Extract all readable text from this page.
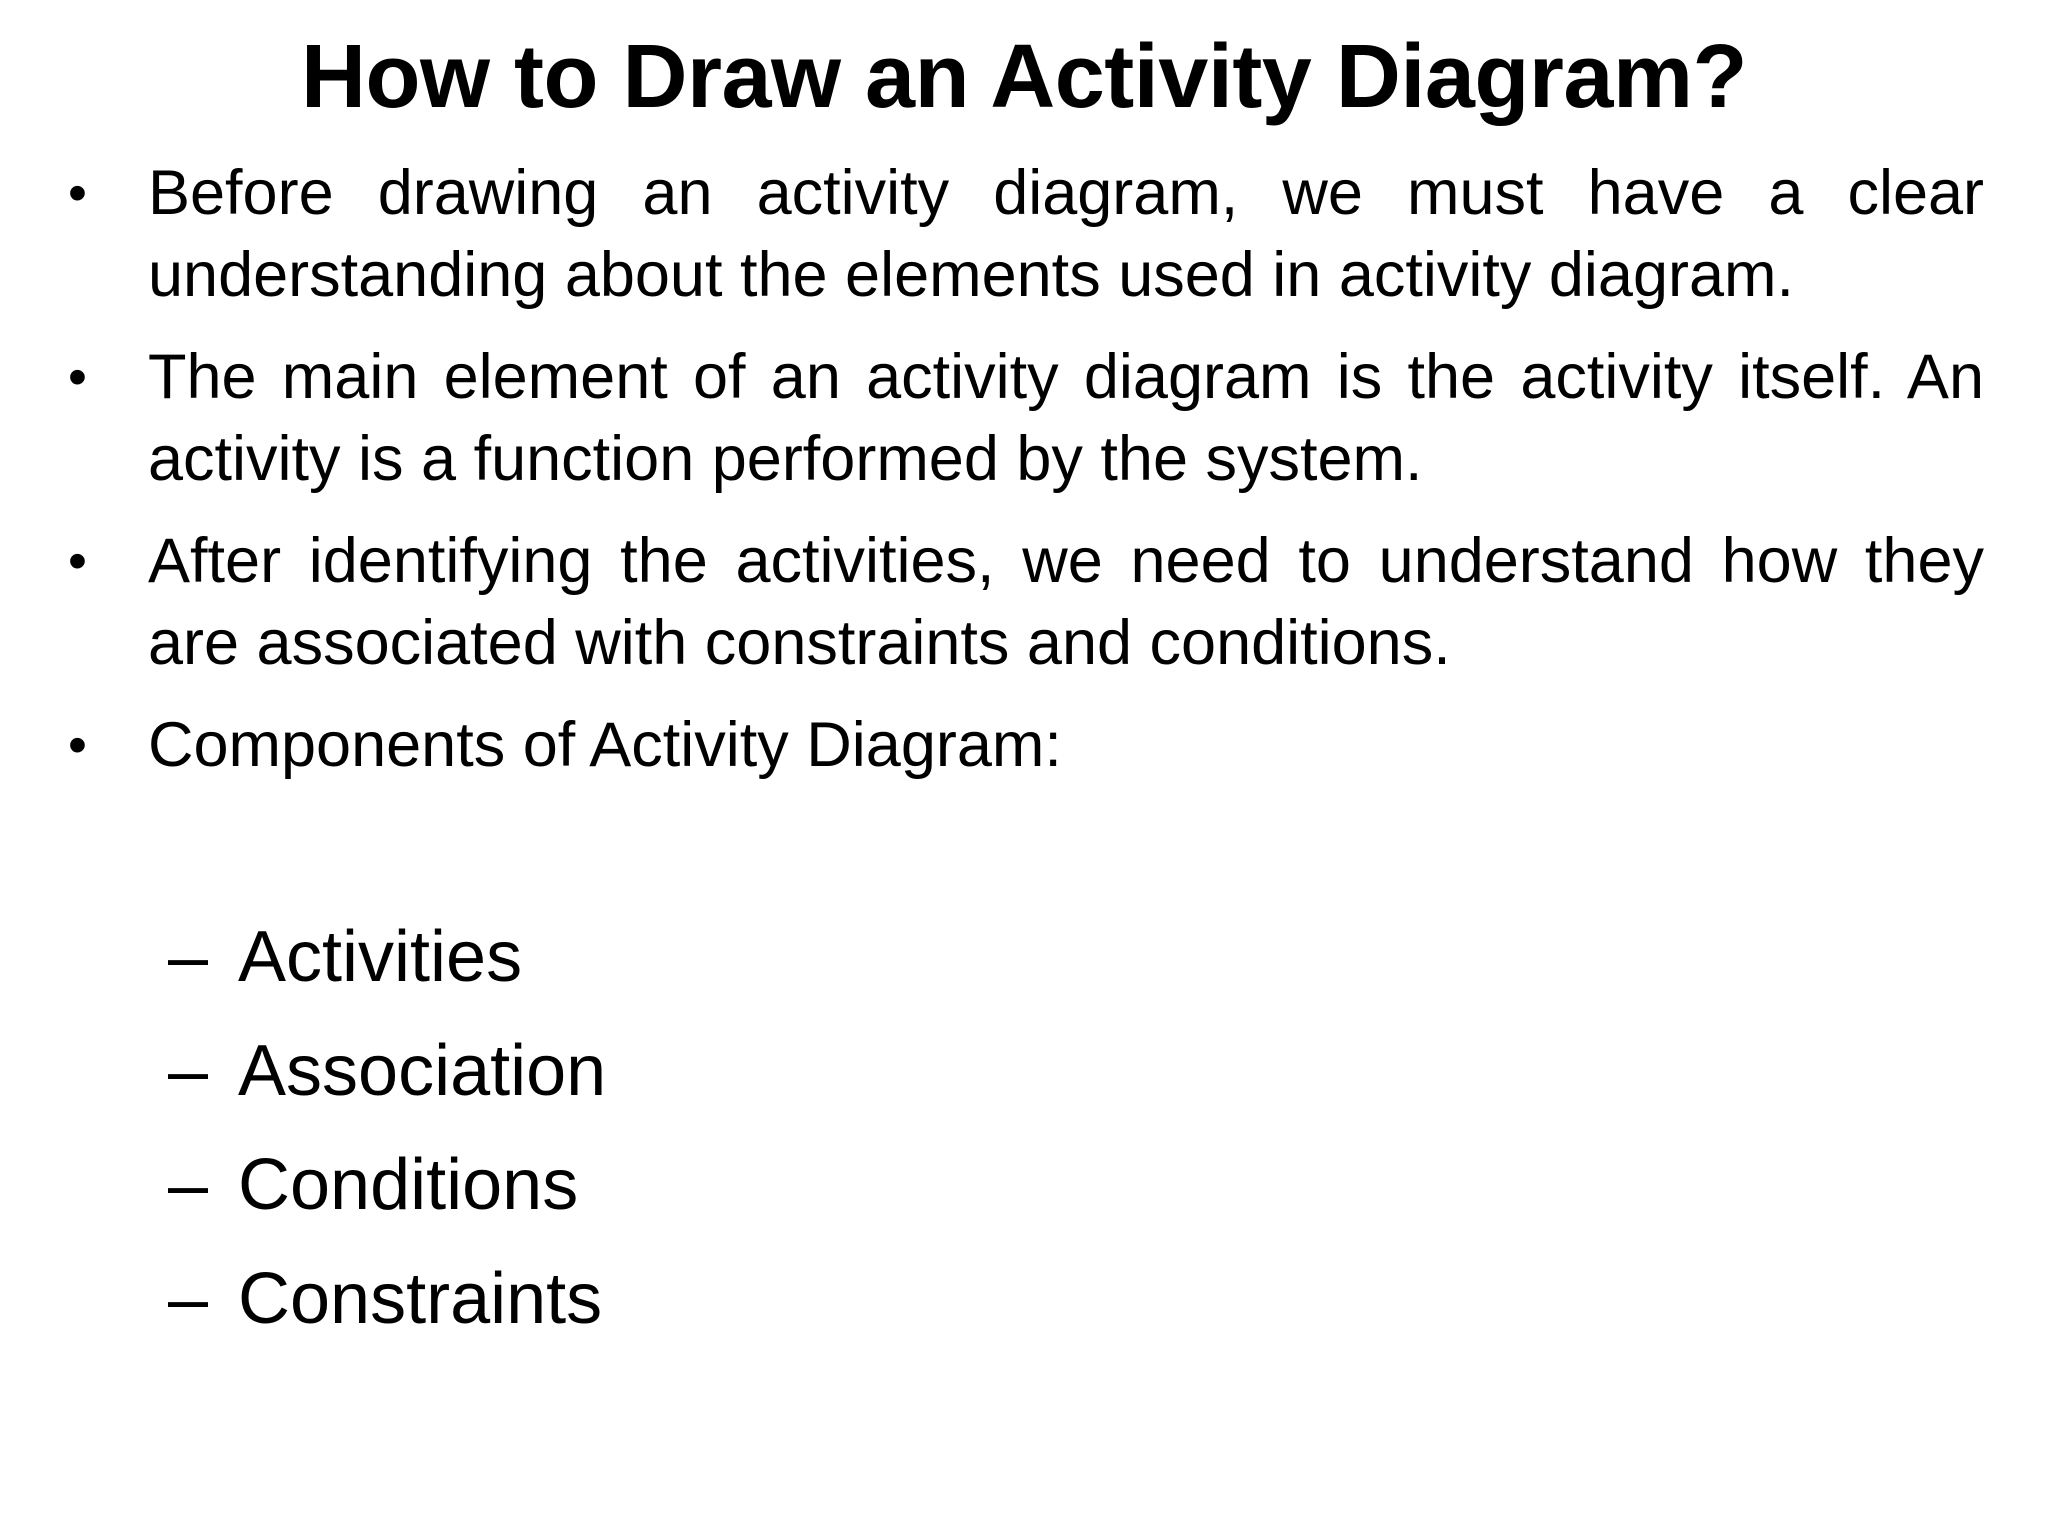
How to Draw an Activity Diagram?
• Before drawing an activity diagram, we must have a clear understanding about the elements used in activity diagram.
• The main element of an activity diagram is the activity itself. An activity is a function performed by the system.
• After identifying the activities, we need to understand how they are associated with constraints and conditions.
• Components of Activity Diagram:
– Activities
– Association
– Conditions
– Constraints
